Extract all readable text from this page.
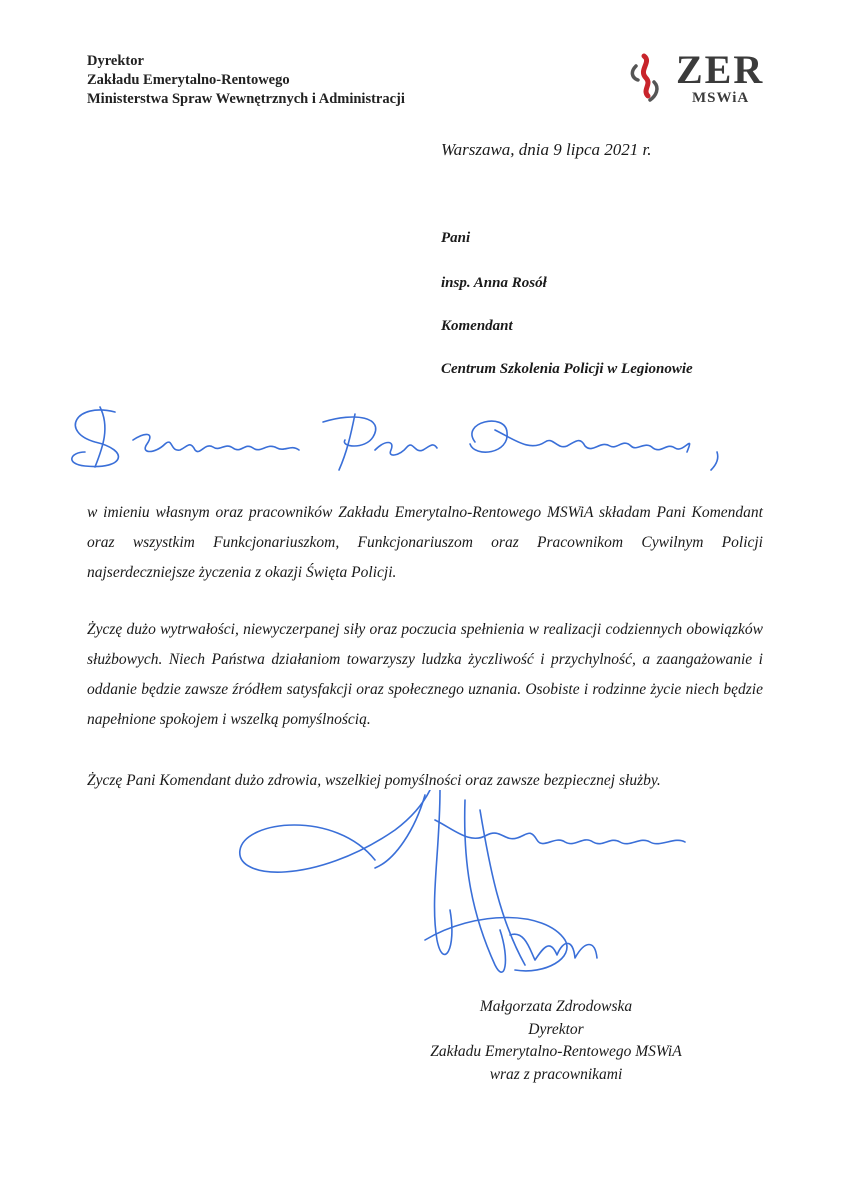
Dyrektor
Zakładu Emerytalno-Rentowego
Ministerstwa Spraw Wewnętrznych i Administracji
ZER
MSWiA
Warszawa, dnia 9 lipca 2021 r.
Pani
insp. Anna Rosół
Komendant
Centrum Szkolenia Policji w Legionowie

w imieniu własnym oraz pracowników Zakładu Emerytalno-Rentowego MSWiA składam Pani Komendant oraz wszystkim Funkcjonariuszkom, Funkcjonariuszom oraz Pracownikom Cywilnym Policji najserdeczniejsze życzenia z okazji Święta Policji.

Życzę dużo wytrwałości, niewyczerpanej siły oraz poczucia spełnienia w realizacji codziennych obowiązków służbowych. Niech Państwa działaniom towarzyszy ludzka życzliwość i przychylność, a zaangażowanie i oddanie będzie zawsze źródłem satysfakcji oraz społecznego uznania. Osobiste i rodzinne życie niech będzie napełnione spokojem i wszelką pomyślnością.

Życzę Pani Komendant dużo zdrowia, wszelkiej pomyślności oraz zawsze bezpiecznej służby.

Małgorzata Zdrodowska
Dyrektor
Zakładu Emerytalno-Rentowego MSWiA
wraz z pracownikami
